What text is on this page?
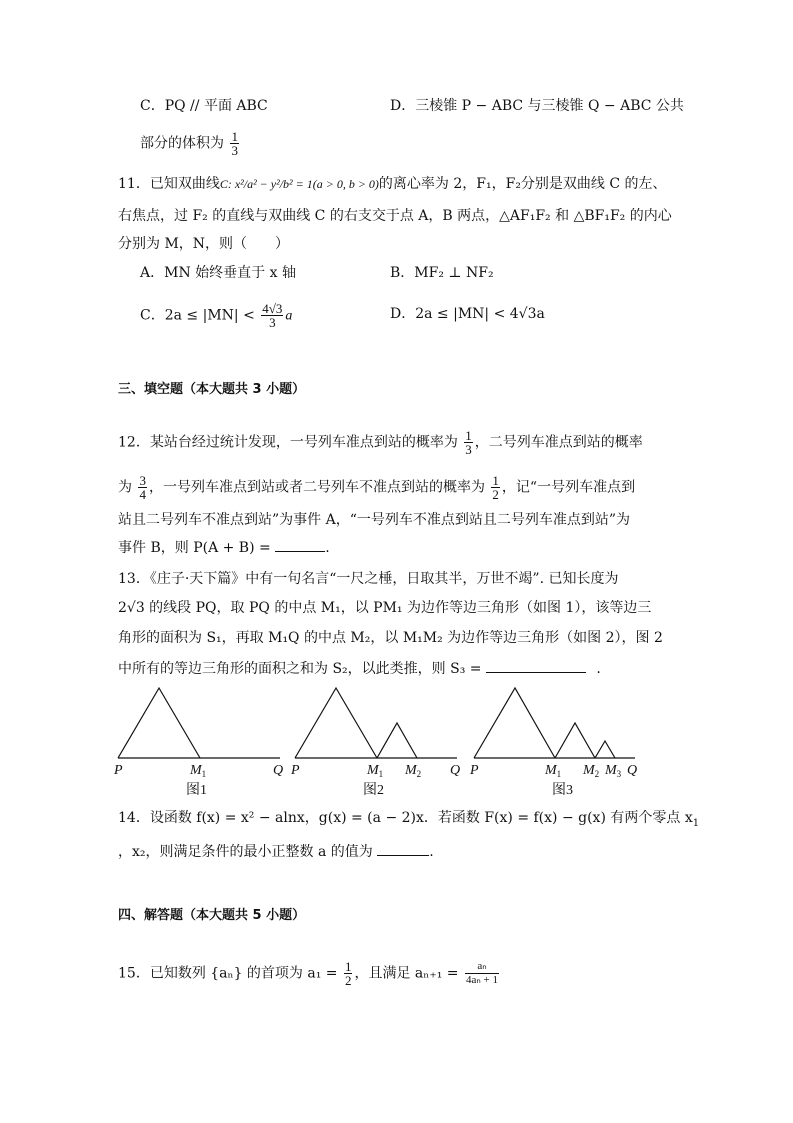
C．PQ // 平面 ABC	D．三棱锥 P − ABC 与三棱锥 Q − ABC 公共
部分的体积为 $\frac{1}{3}$
11．已知双曲线C: x²/a² − y²/b² = 1(a > 0, b > 0)的离心率为 2，F₁，F₂分别是双曲线 C 的左、
右焦点，过 F₂ 的直线与双曲线 C 的右支交于点 A，B 两点，△AF₁F₂ 和 △BF₁F₂ 的内心
分别为 M，N，则（　　）
A．MN 始终垂直于 x 轴	B．MF₂ ⊥ NF₂
C．$2a \le |MN| < \frac{4√3}{3}$ a	D．2a ≤ |MN| < 4√3a
三、填空题（本大题共 3 小题）
12．某站台经过统计发现，一号列车准点到站的概率为 $\frac{1}{3}$ ，二号列车准点到站的概率
为 $\frac{3}{4}$ ，一号列车准点到站或者二号列车不准点到站的概率为 $\frac{1}{2}$ ，记“一号列车准点到
站且二号列车不准点到站”为事件 A，“一号列车不准点到站且二号列车准点到站”为
事件 B，则 P(A + B) =	.
13．《庄子·天下篇》中有一句名言“一尺之棰，日取其半，万世不竭”. 已知长度为
2√3 的线段 PQ，取 PQ 的中点 M₁，以 PM₁ 为边作等边三角形（如图 1），该等边三
角形的面积为 S₁，再取 M₁Q 的中点 M₂，以 M₁M₂ 为边作等边三角形（如图 2），图 2
中所有的等边三角形的面积之和为 S₂，以此类推，则 S₃ =	.
P	$M_1$	Q P	$M_1$ $M_2$ Q P	$M_1$ $M_2$ $M_3$ Q
图1	图2	图3
14．设函数 f(x) = x² − alnx，g(x) = (a − 2)x．若函数 F(x) = f(x) − g(x) 有两个零点 $x_1$
，x₂，则满足条件的最小正整数 a 的值为	.
四、解答题（本大题共 5 小题）
15．已知数列 {aₙ} 的首项为 $a_1 = \frac{1}{2}$ ，且满足 $a_{n+1} = \frac{\text{aₙ}}{\text{4aₙ + 1}}$
